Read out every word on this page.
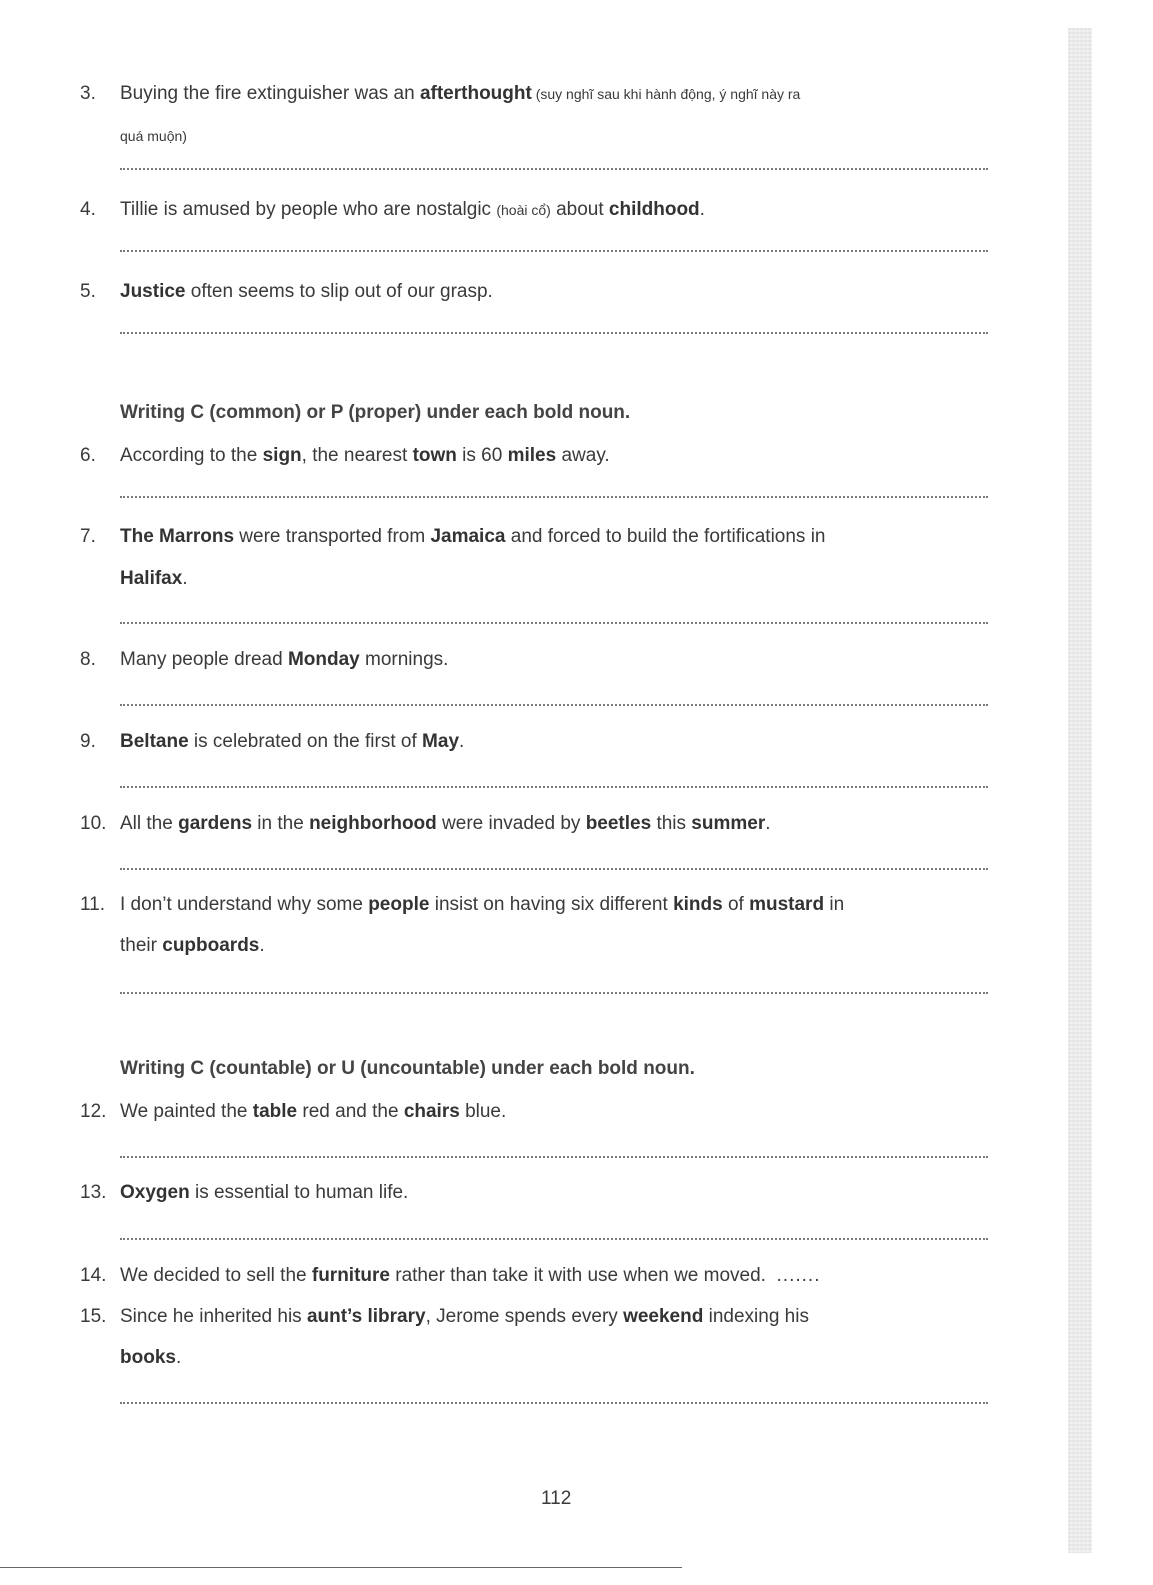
3. Buying the fire extinguisher was an afterthought (suy nghĩ sau khi hành động, ý nghĩ này ra
quá muộn)
4. Tillie is amused by people who are nostalgic (hoài cổ) about childhood.
5. Justice often seems to slip out of our grasp.
Writing C (common) or P (proper) under each bold noun.
6. According to the sign, the nearest town is 60 miles away.
7. The Marrons were transported from Jamaica and forced to build the fortifications in
Halifax.
8. Many people dread Monday mornings.
9. Beltane is celebrated on the first of May.
10. All the gardens in the neighborhood were invaded by beetles this summer.
11. I don’t understand why some people insist on having six different kinds of mustard in
their cupboards.
Writing C (countable) or U (uncountable) under each bold noun.
12. We painted the table red and the chairs blue.
13. Oxygen is essential to human life.
14. We decided to sell the furniture rather than take it with use when we moved. .......
15. Since he inherited his aunt’s library, Jerome spends every weekend indexing his
books.
112
